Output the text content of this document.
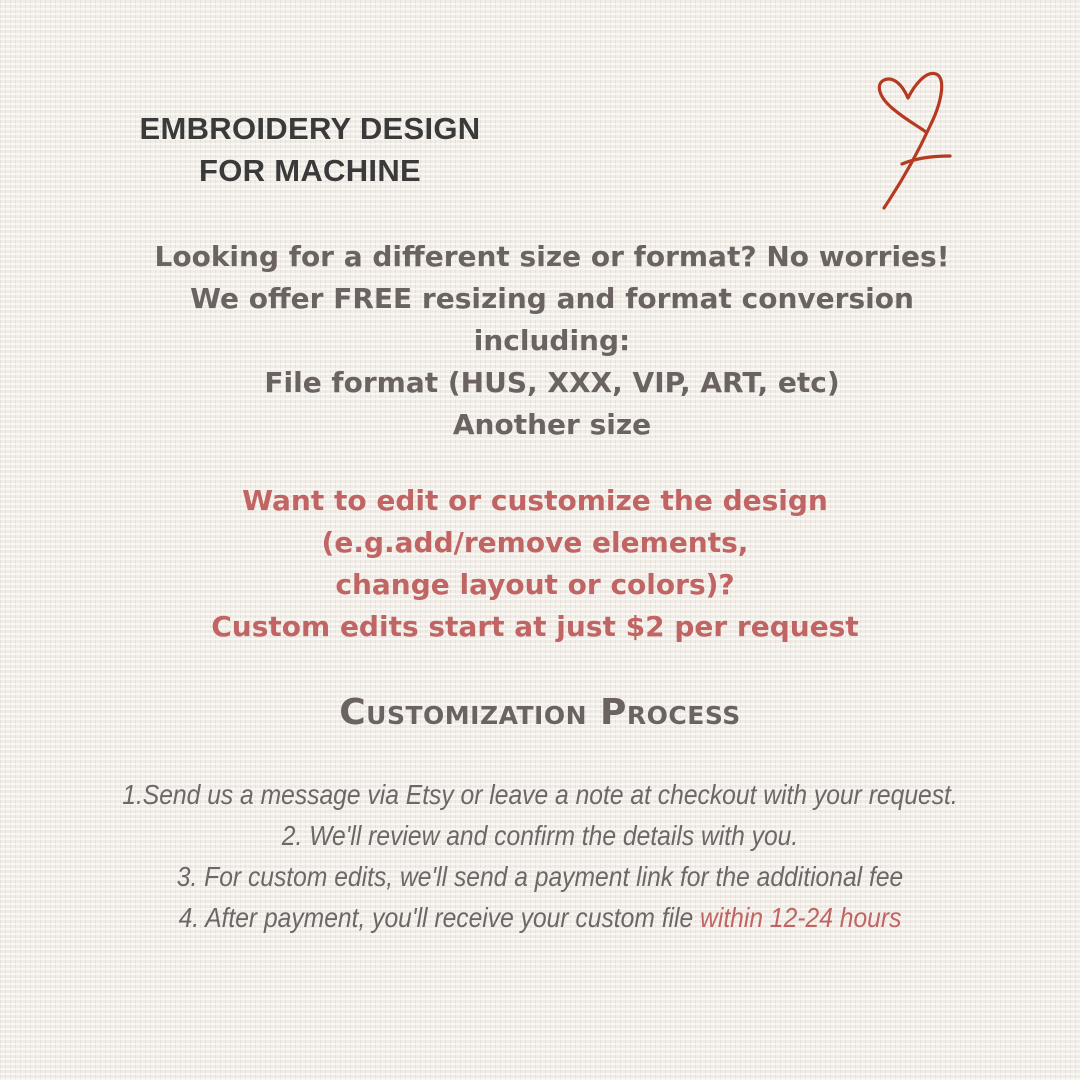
EMBROIDERY DESIGN
FOR MACHINE
Looking for a different size or format? No worries!
We offer FREE resizing and format conversion
including:
File format (HUS, XXX, VIP, ART, etc)
Another size
Want to edit or customize the design
(e.g.add/remove elements,
change layout or colors)?
Custom edits start at just $2 per request
Customization Process
1.Send us a message via Etsy or leave a note at checkout with your request.
2. We'll review and confirm the details with you.
3. For custom edits, we'll send a payment link for the additional fee
4. After payment, you'll receive your custom file within 12-24 hours
